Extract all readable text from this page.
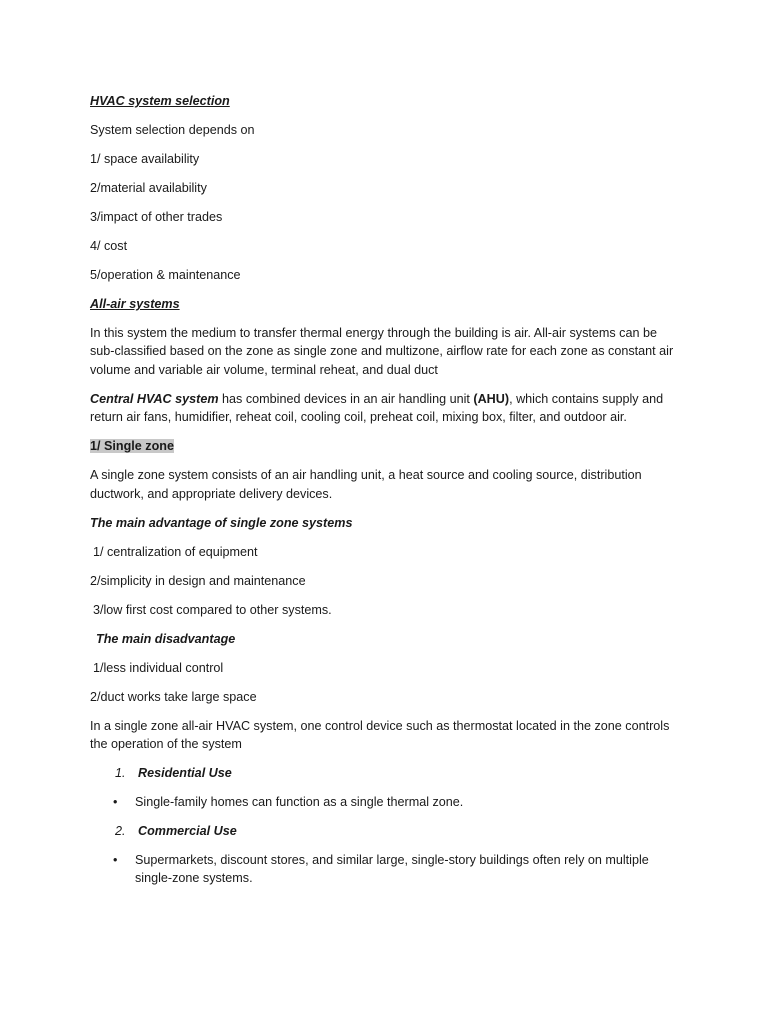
HVAC system selection

System selection depends on

1/ space availability

2/material availability

3/impact of other trades

4/ cost

5/operation & maintenance

All-air systems

In this system the medium to transfer thermal energy through the building is air. All-air systems can be sub-classified based on the zone as single zone and multizone, airflow rate for each zone as constant air volume and variable air volume, terminal reheat, and dual duct

Central HVAC system has combined devices in an air handling unit (AHU), which contains supply and return air fans, humidifier, reheat coil, cooling coil, preheat coil, mixing box, filter, and outdoor air.

1/ Single zone

A single zone system consists of an air handling unit, a heat source and cooling source, distribution ductwork, and appropriate delivery devices.

The main advantage of single zone systems

1/ centralization of equipment

2/simplicity in design and maintenance

3/low first cost compared to other systems.

The main disadvantage

1/less individual control

2/duct works take large space

In a single zone all-air HVAC system, one control device such as thermostat located in the zone controls the operation of the system

1. Residential Use

• Single-family homes can function as a single thermal zone.

2. Commercial Use

• Supermarkets, discount stores, and similar large, single-story buildings often rely on multiple single-zone systems.
